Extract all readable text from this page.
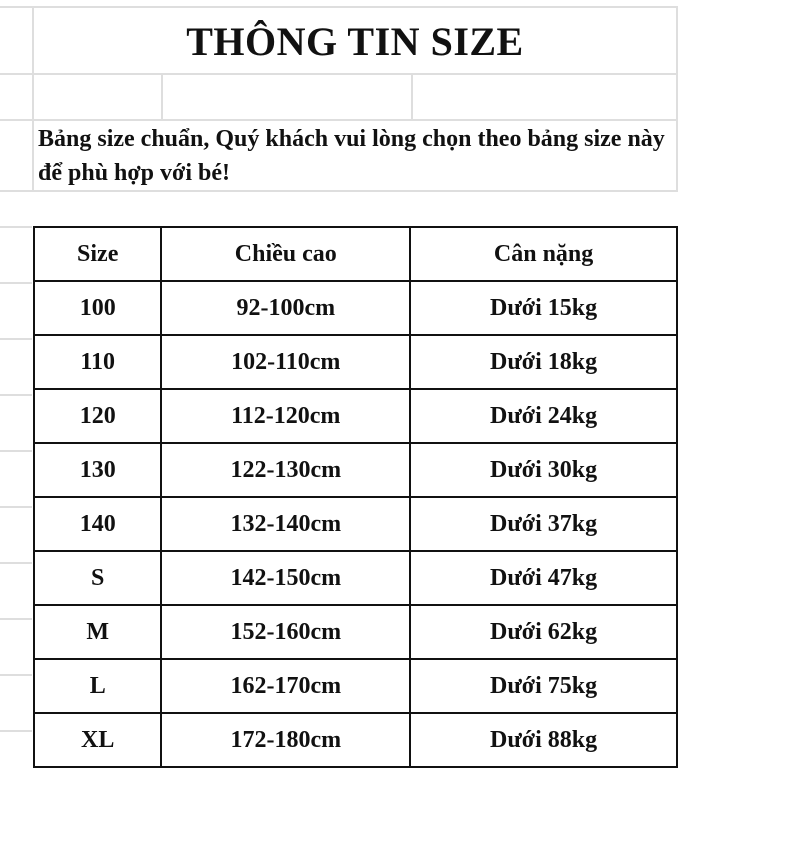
THÔNG TIN SIZE
Bảng size chuẩn, Quý khách vui lòng chọn theo bảng size này để phù hợp với bé!
Size	Chiều cao	Cân nặng
100	92-100cm	Dưới 15kg
110	102-110cm	Dưới 18kg
120	112-120cm	Dưới 24kg
130	122-130cm	Dưới 30kg
140	132-140cm	Dưới 37kg
S	142-150cm	Dưới 47kg
M	152-160cm	Dưới 62kg
L	162-170cm	Dưới 75kg
XL	172-180cm	Dưới 88kg
